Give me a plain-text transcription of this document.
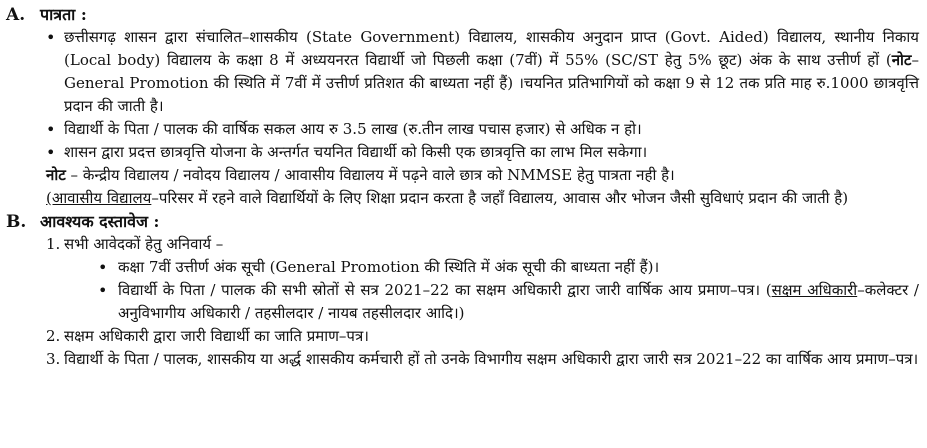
A. पात्रता :
• छत्तीसगढ़ शासन द्वारा संचालित–शासकीय (State Government) विद्यालय, शासकीय अनुदान प्राप्त (Govt. Aided) विद्यालय, स्थानीय निकाय (Local body) विद्यालय के कक्षा 8 में अध्ययनरत विद्यार्थी जो पिछली कक्षा (7वीं) में 55% (SC/ST हेतु 5% छूट) अंक के साथ उत्तीर्ण हों (नोट–General Promotion की स्थिति में 7वीं में उत्तीर्ण प्रतिशत की बाध्यता नहीं हैं) ।चयनित प्रतिभागियों को कक्षा 9 से 12 तक प्रति माह रु.1000 छात्रवृत्ति प्रदान की जाती है।
• विद्यार्थी के पिता / पालक की वार्षिक सकल आय रु 3.5 लाख (रु.तीन लाख पचास हजार) से अधिक न हो।
• शासन द्वारा प्रदत्त छात्रवृत्ति योजना के अन्तर्गत चयनित विद्यार्थी को किसी एक छात्रवृत्ति का लाभ मिल सकेगा।
नोट – केन्द्रीय विद्यालय / नवोदय विद्यालय / आवासीय विद्यालय में पढ़ने वाले छात्र को NMMSE हेतु पात्रता नही है।
(आवासीय विद्यालय–परिसर में रहने वाले विद्यार्थियों के लिए शिक्षा प्रदान करता है जहाँ विद्यालय, आवास और भोजन जैसी सुविधाएं प्रदान की जाती है)
B. आवश्यक दस्तावेज :
1. सभी आवेदकों हेतु अनिवार्य –
• कक्षा 7वीं उत्तीर्ण अंक सूची (General Promotion की स्थिति में अंक सूची की बाध्यता नहीं हैं)।
• विद्यार्थी के पिता / पालक की सभी स्रोतों से सत्र 2021–22 का सक्षम अधिकारी द्वारा जारी वार्षिक आय प्रमाण–पत्र। (सक्षम अधिकारी–कलेक्टर / अनुविभागीय अधिकारी / तहसीलदार / नायब तहसीलदार आदि।)
2. सक्षम अधिकारी द्वारा जारी विद्यार्थी का जाति प्रमाण–पत्र।
3. विद्यार्थी के पिता / पालक, शासकीय या अर्द्ध शासकीय कर्मचारी हों तो उनके विभागीय सक्षम अधिकारी द्वारा जारी सत्र 2021–22 का वार्षिक आय प्रमाण–पत्र।
